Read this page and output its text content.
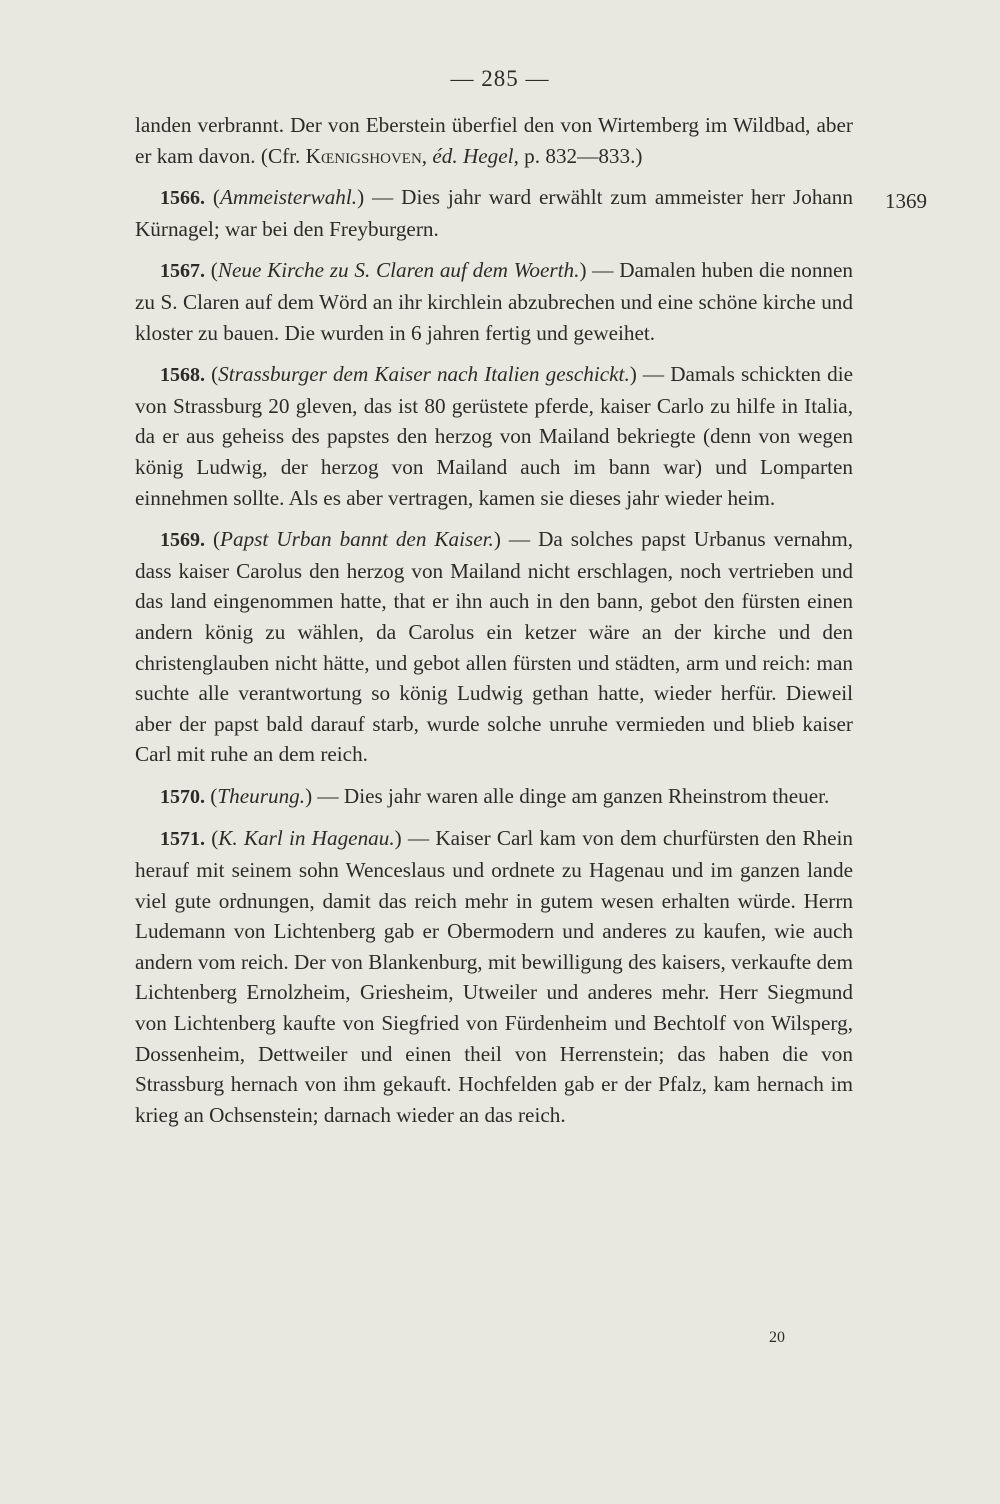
— 285 —
1369

landen verbrannt. Der von Eberstein überfiel den von Wirtemberg im Wildbad, aber er kam davon. (Cfr. Kœnigshoven, éd. Hegel, p. 832—833.)

1566. (Ammeisterwahl.) — Dies jahr ward erwählt zum ammeister herr Johann Kürnagel; war bei den Freyburgern.

1567. (Neue Kirche zu S. Claren auf dem Woerth.) — Damalen huben die nonnen zu S. Claren auf dem Wörd an ihr kirchlein abzubrechen und eine schöne kirche und kloster zu bauen. Die wurden in 6 jahren fertig und geweihet.

1568. (Strassburger dem Kaiser nach Italien geschickt.) — Damals schickten die von Strassburg 20 gleven, das ist 80 gerüstete pferde, kaiser Carlo zu hilfe in Italia, da er aus geheiss des papstes den herzog von Mailand bekriegte (denn von wegen könig Ludwig, der herzog von Mailand auch im bann war) und Lomparten einnehmen sollte. Als es aber vertragen, kamen sie dieses jahr wieder heim.

1569. (Papst Urban bannt den Kaiser.) — Da solches papst Urbanus vernahm, dass kaiser Carolus den herzog von Mailand nicht erschlagen, noch vertrieben und das land eingenommen hatte, that er ihn auch in den bann, gebot den fürsten einen andern könig zu wählen, da Carolus ein ketzer wäre an der kirche und den christenglauben nicht hätte, und gebot allen fürsten und städten, arm und reich: man suchte alle verantwortung so könig Ludwig gethan hatte, wieder herfür. Dieweil aber der papst bald darauf starb, wurde solche unruhe vermieden und blieb kaiser Carl mit ruhe an dem reich.

1570. (Theurung.) — Dies jahr waren alle dinge am ganzen Rheinstrom theuer.

1571. (K. Karl in Hagenau.) — Kaiser Carl kam von dem churfürsten den Rhein herauf mit seinem sohn Wenceslaus und ordnete zu Hagenau und im ganzen lande viel gute ordnungen, damit das reich mehr in gutem wesen erhalten würde. Herrn Ludemann von Lichtenberg gab er Obermodern und anderes zu kaufen, wie auch andern vom reich. Der von Blankenburg, mit bewilligung des kaisers, verkaufte dem Lichtenberg Ernolzheim, Griesheim, Utweiler und anderes mehr. Herr Siegmund von Lichtenberg kaufte von Siegfried von Fürdenheim und Bechtolf von Wilsperg, Dossenheim, Dettweiler und einen theil von Herrenstein; das haben die von Strassburg hernach von ihm gekauft. Hochfelden gab er der Pfalz, kam hernach im krieg an Ochsenstein; darnach wieder an das reich.

20
